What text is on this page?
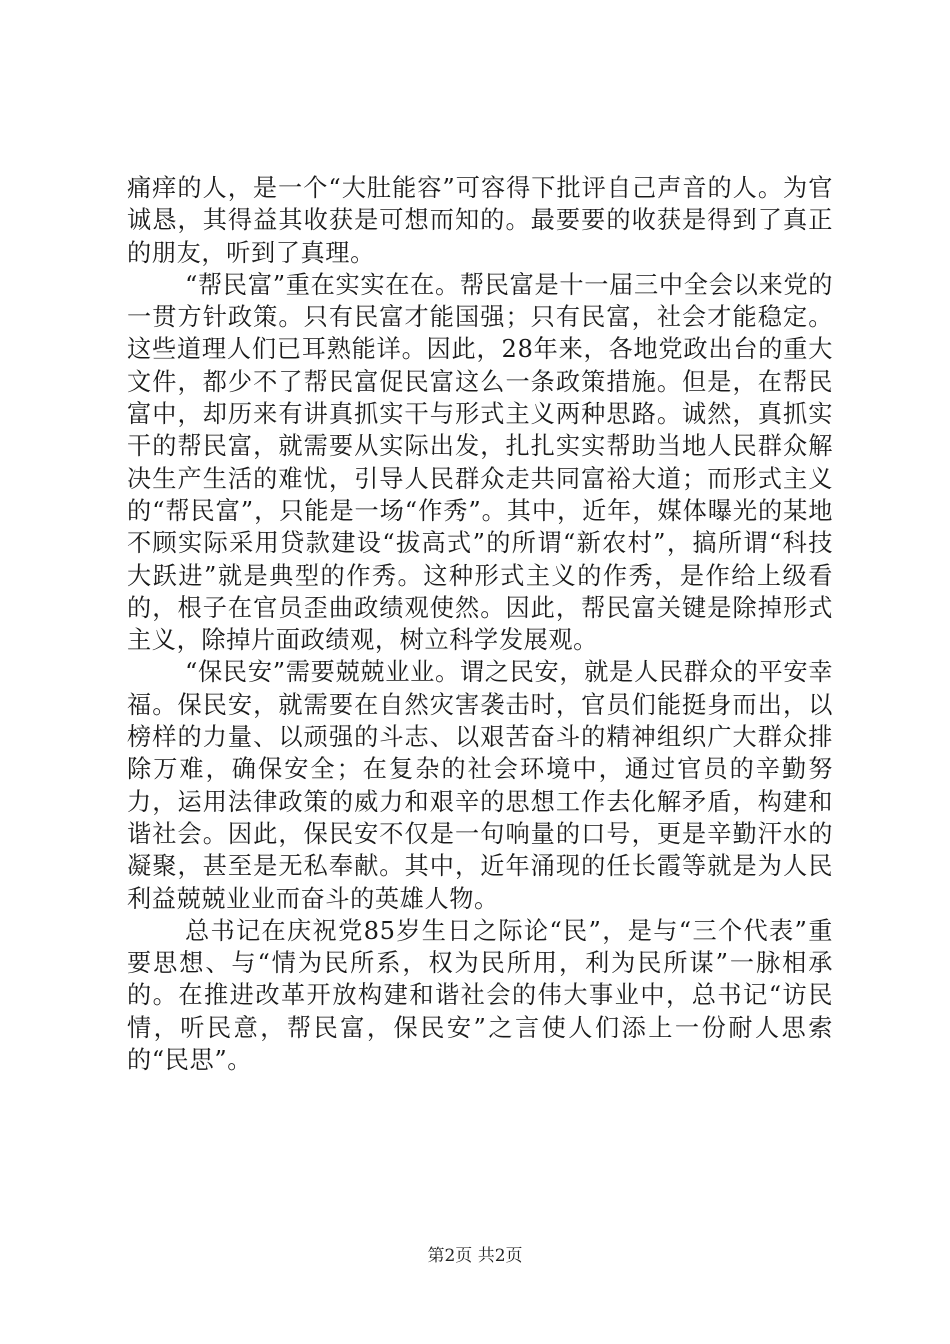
痛痒的人，是一个“大肚能容”可容得下批评自己声音的人。为官诚恳，其得益其收获是可想而知的。最要要的收获是得到了真正的朋友，听到了真理。

“帮民富”重在实实在在。帮民富是十一届三中全会以来党的一贯方针政策。只有民富才能国强；只有民富，社会才能稳定。这些道理人们已耳熟能详。因此，28年来，各地党政出台的重大文件，都少不了帮民富促民富这么一条政策措施。但是，在帮民富中，却历来有讲真抓实干与形式主义两种思路。诚然，真抓实干的帮民富，就需要从实际出发，扎扎实实帮助当地人民群众解决生产生活的难忧，引导人民群众走共同富裕大道；而形式主义的“帮民富”，只能是一场“作秀”。其中，近年，媒体曝光的某地不顾实际采用贷款建设“拔高式”的所谓“新农村”，搞所谓“科技大跃进”就是典型的作秀。这种形式主义的作秀，是作给上级看的，根子在官员歪曲政绩观使然。因此，帮民富关键是除掉形式主义，除掉片面政绩观，树立科学发展观。

“保民安”需要兢兢业业。谓之民安，就是人民群众的平安幸福。保民安，就需要在自然灾害袭击时，官员们能挺身而出，以榜样的力量、以顽强的斗志、以艰苦奋斗的精神组织广大群众排除万难，确保安全；在复杂的社会环境中，通过官员的辛勤努力，运用法律政策的威力和艰辛的思想工作去化解矛盾，构建和谐社会。因此，保民安不仅是一句响量的口号，更是辛勤汗水的凝聚，甚至是无私奉献。其中，近年涌现的任长霞等就是为人民利益兢兢业业而奋斗的英雄人物。

总书记在庆祝党85岁生日之际论“民”，是与“三个代表”重要思想、与“情为民所系，权为民所用，利为民所谋”一脉相承的。在推进改革开放构建和谐社会的伟大事业中，总书记“访民情，听民意，帮民富，保民安”之言使人们添上一份耐人思索的“民思”。

第2页 共2页
